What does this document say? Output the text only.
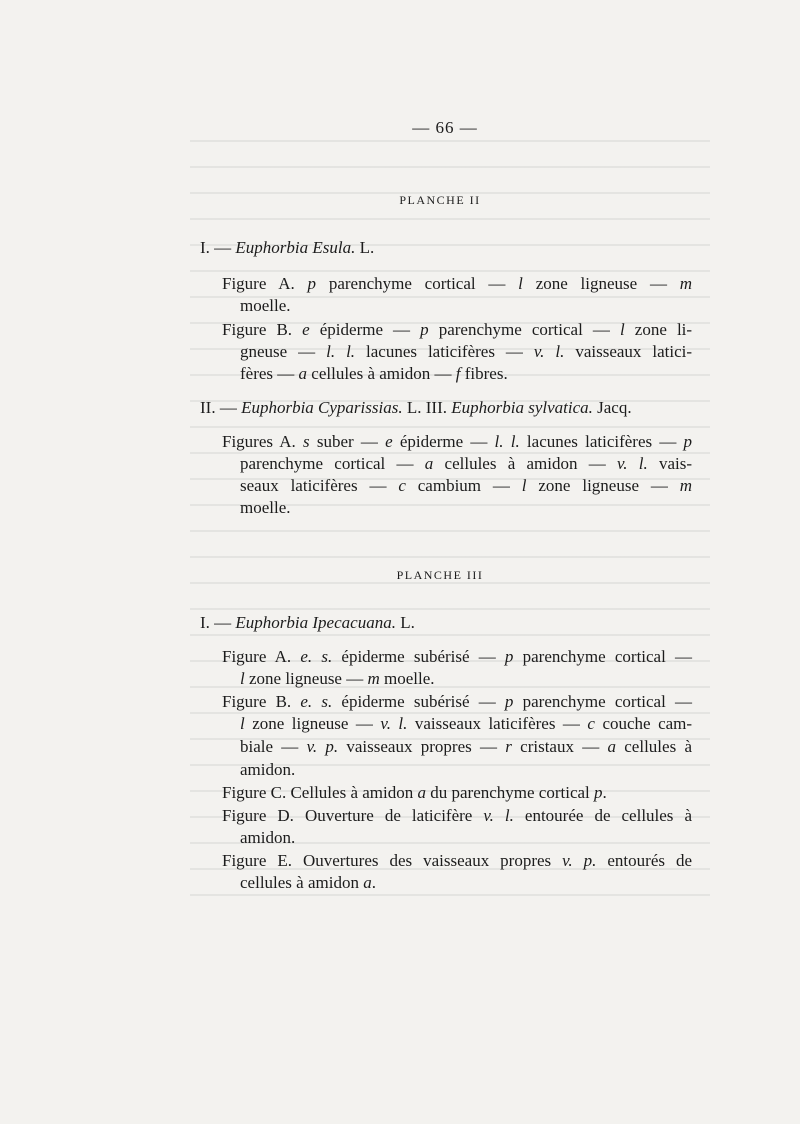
— 66 —
PLANCHE II
I. — Euphorbia Esula. L.
Figure A. p parenchyme cortical — l zone ligneuse — m
moelle.
Figure B. e épiderme — p parenchyme cortical — l zone li-
gneuse — l. l. lacunes laticifères — v. l. vaisseaux latici-
fères — a cellules à amidon — f fibres.
II. — Euphorbia Cyparissias. L. III. Euphorbia sylvatica. Jacq.
Figures A. s suber — e épiderme — l. l. lacunes laticifères — p
parenchyme cortical — a cellules à amidon — v. l. vais-
seaux laticifères — c cambium — l zone ligneuse — m
moelle.
PLANCHE III
I. — Euphorbia Ipecacuana. L.
Figure A. e. s. épiderme subérisé — p parenchyme cortical —
l zone ligneuse — m moelle.
Figure B. e. s. épiderme subérisé — p parenchyme cortical —
l zone ligneuse — v. l. vaisseaux laticifères — c couche cam-
biale — v. p. vaisseaux propres — r cristaux — a cellules à
amidon.
Figure C. Cellules à amidon a du parenchyme cortical p.
Figure D. Ouverture de laticifère v. l. entourée de cellules à
amidon.
Figure E. Ouvertures des vaisseaux propres v. p. entourés de
cellules à amidon a.
